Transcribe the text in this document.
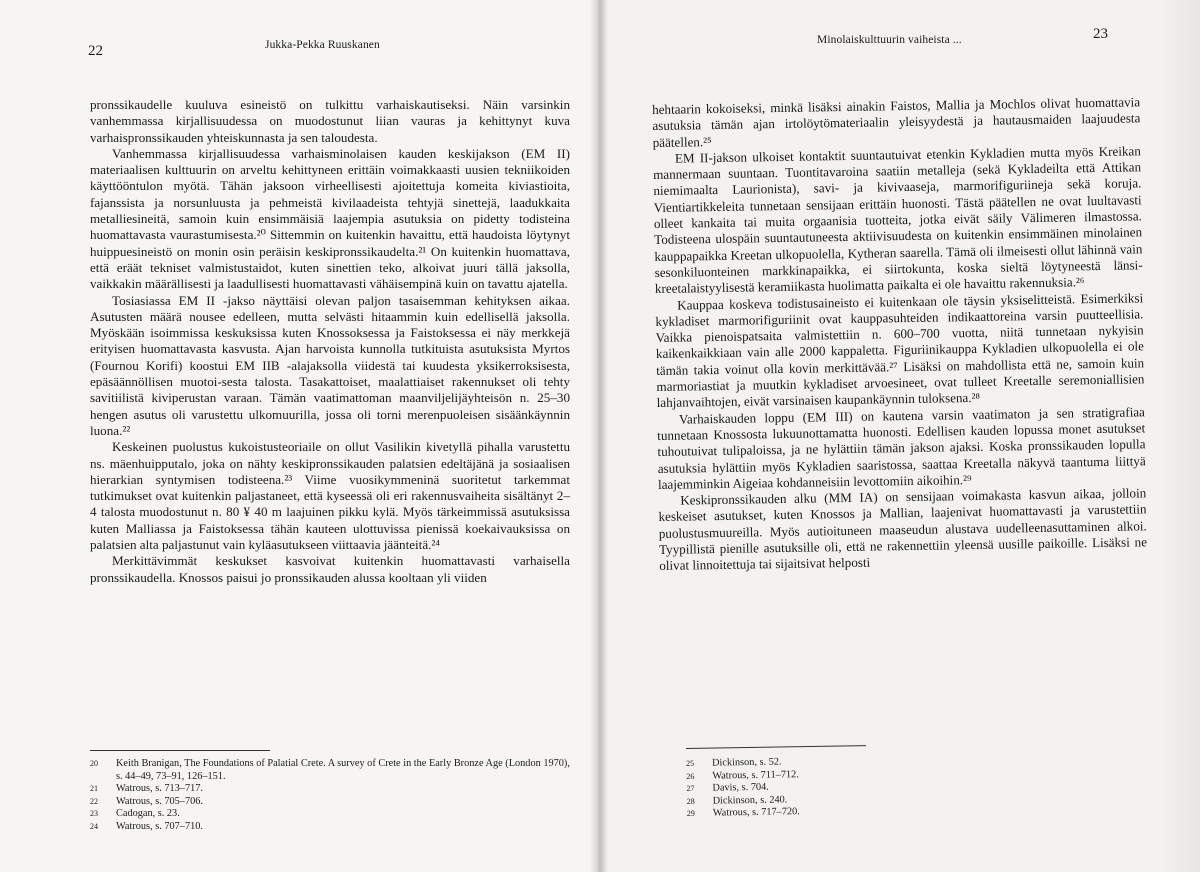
22	Jukka-Pekka Ruuskanen

pronssikaudelle kuuluva esineistö on tulkittu varhaiskautiseksi. Näin varsinkin vanhemmassa kirjallisuudessa on muodostunut liian vauras ja kehittynyt kuva varhaispronssikauden yhteiskunnasta ja sen taloudesta.

Vanhemmassa kirjallisuudessa varhaisminolaisen kauden keskijakson (EM II) materiaalisen kulttuurin on arveltu kehittyneen erittäin voimakkaasti uusien tekniikoiden käyttööntulon myötä. Tähän jaksoon virheellisesti ajoitettuja komeita kiviastioita, fajanssista ja norsunluusta ja pehmeistä kivilaadeista tehtyjä sinettejä, laadukkaita metalliesineitä, samoin kuin ensimmäisiä laajempia asutuksia on pidetty todisteina huomattavasta vaurastumisesta.²⁰ Sittemmin on kuitenkin havaittu, että haudoista löytynyt huippuesineistö on monin osin peräisin keskipronssikaudelta.²¹ On kuitenkin huomattava, että eräät tekniset valmistustaidot, kuten sinettien teko, alkoivat juuri tällä jaksolla, vaikkakin määrällisesti ja laadullisesti huomattavasti vähäisempinä kuin on tavattu ajatella.

Tosiasiassa EM II -jakso näyttäisi olevan paljon tasaisemman kehityksen aikaa. Asutusten määrä nousee edelleen, mutta selvästi hitaammin kuin edellisellä jaksolla. Myöskään isoimmissa keskuksissa kuten Knossoksessa ja Faistoksessa ei näy merkkejä erityisen huomattavasta kasvusta. Ajan harvoista kunnolla tutkituista asutuksista Myrtos (Fournou Korifi) koostui EM IIB -alajaksolla viidestä tai kuudesta yksikerroksisesta, epäsäännöllisen muotoi-sesta talosta. Tasakattoiset, maalattiaiset rakennukset oli tehty savitiilistä kiviperustan varaan. Tämän vaatimattoman maanviljelijäyhteisön n. 25–30 hengen asutus oli varustettu ulkomuurilla, jossa oli torni merenpuoleisen sisäänkäynnin luona.²²

Keskeinen puolustus kukoistusteoriaile on ollut Vasilikin kivetyllä pihalla varustettu ns. mäenhuipputalo, joka on nähty keskipronssikauden palatsien edeltäjänä ja sosiaalisen hierarkian syntymisen todisteena.²³ Viime vuosikymmeninä suoritetut tarkemmat tutkimukset ovat kuitenkin paljastaneet, että kyseessä oli eri rakennusvaiheita sisältänyt 2–4 talosta muodostunut n. 80 ¥ 40 m laajuinen pikku kylä. Myös tärkeimmissä asutuksissa kuten Malliassa ja Faistoksessa tähän kauteen ulottuvissa pienissä koekaivauksissa on palatsien alta paljastunut vain kyläasutukseen viittaavia jäänteitä.²⁴

Merkittävimmät keskukset kasvoivat kuitenkin huomattavasti varhaisella pronssikaudella. Knossos paisui jo pronssikauden alussa kooltaan yli viiden

20 Keith Branigan, The Foundations of Palatial Crete. A survey of Crete in the Early Bronze Age (London 1970), s. 44–49, 73–91, 126–151.
21 Watrous, s. 713–717.
22 Watrous, s. 705–706.
23 Cadogan, s. 23.
24 Watrous, s. 707–710.
23
Minolaiskulttuurin vaiheista ...

hehtaarin kokoiseksi, minkä lisäksi ainakin Faistos, Mallia ja Mochlos olivat huomattavia asutuksia tämän ajan irtolöytömateriaalin yleisyydestä ja hautausmaiden laajuudesta päätellen.²⁵

EM II-jakson ulkoiset kontaktit suuntautuivat etenkin Kykladien mutta myös Kreikan mannermaan suuntaan. Tuontitavaroina saatiin metalleja (sekä Kykladeilta että Attikan niemimaalta Laurionista), savi- ja kivivaaseja, marmorifiguriineja sekä koruja. Vientiartikkeleita tunnetaan sensijaan erittäin huonosti. Tästä päätellen ne ovat luultavasti olleet kankaita tai muita orgaanisia tuotteita, jotka eivät säily Välimeren ilmastossa. Todisteena ulospäin suuntautuneesta aktiivisuudesta on kuitenkin ensimmäinen minolainen kauppapaikka Kreetan ulkopuolella, Kytheran saarella. Tämä oli ilmeisesti ollut lähinnä vain sesonkiluonteinen markkinapaikka, ei siirtokunta, koska sieltä löytyneestä länsi-kreetalaistyylisestä keramiikasta huolimatta paikalta ei ole havaittu rakennuksia.²⁶

Kauppaa koskeva todistusaineisto ei kuitenkaan ole täysin yksiselitteistä. Esimerkiksi kykladiset marmorifiguriinit ovat kauppasuhteiden indikaattoreina varsin puutteellisia. Vaikka pienoispatsaita valmistettiin n. 600–700 vuotta, niitä tunnetaan nykyisin kaikenkaikkiaan vain alle 2000 kappaletta. Figuriinikauppa Kykladien ulkopuolella ei ole tämän takia voinut olla kovin merkittävää.²⁷ Lisäksi on mahdollista että ne, samoin kuin marmoriastiat ja muutkin kykladiset arvoesineet, ovat tulleet Kreetalle seremoniallisien lahjanvaihtojen, eivät varsinaisen kaupankäynnin tuloksena.²⁸

Varhaiskauden loppu (EM III) on kautena varsin vaatimaton ja sen stratigrafiaa tunnetaan Knossosta lukuunottamatta huonosti. Edellisen kauden lopussa monet asutukset tuhoutuivat tulipaloissa, ja ne hylättiin tämän jakson ajaksi. Koska pronssikauden lopulla asutuksia hylättiin myös Kykladien saaristossa, saattaa Kreetalla näkyvä taantuma liittyä laajemminkin Aigeiaa kohdanneisiin levottomiin aikoihin.²⁹

Keskipronssikauden alku (MM IA) on sensijaan voimakasta kasvun aikaa, jolloin keskeiset asutukset, kuten Knossos ja Mallian, laajenivat huomattavasti ja varustettiin puolustusmuureilla. Myös autioituneen maaseudun alustava uudelleenasuttaminen alkoi. Tyypillistä pienille asutuksille oli, että ne rakennettiin yleensä uusille paikoille. Lisäksi ne olivat linnoitettuja tai sijaitsivat helposti

25 Dickinson, s. 52.
26 Watrous, s. 711–712.
27 Davis, s. 704.
28 Dickinson, s. 240.
29 Watrous, s. 717–720.
